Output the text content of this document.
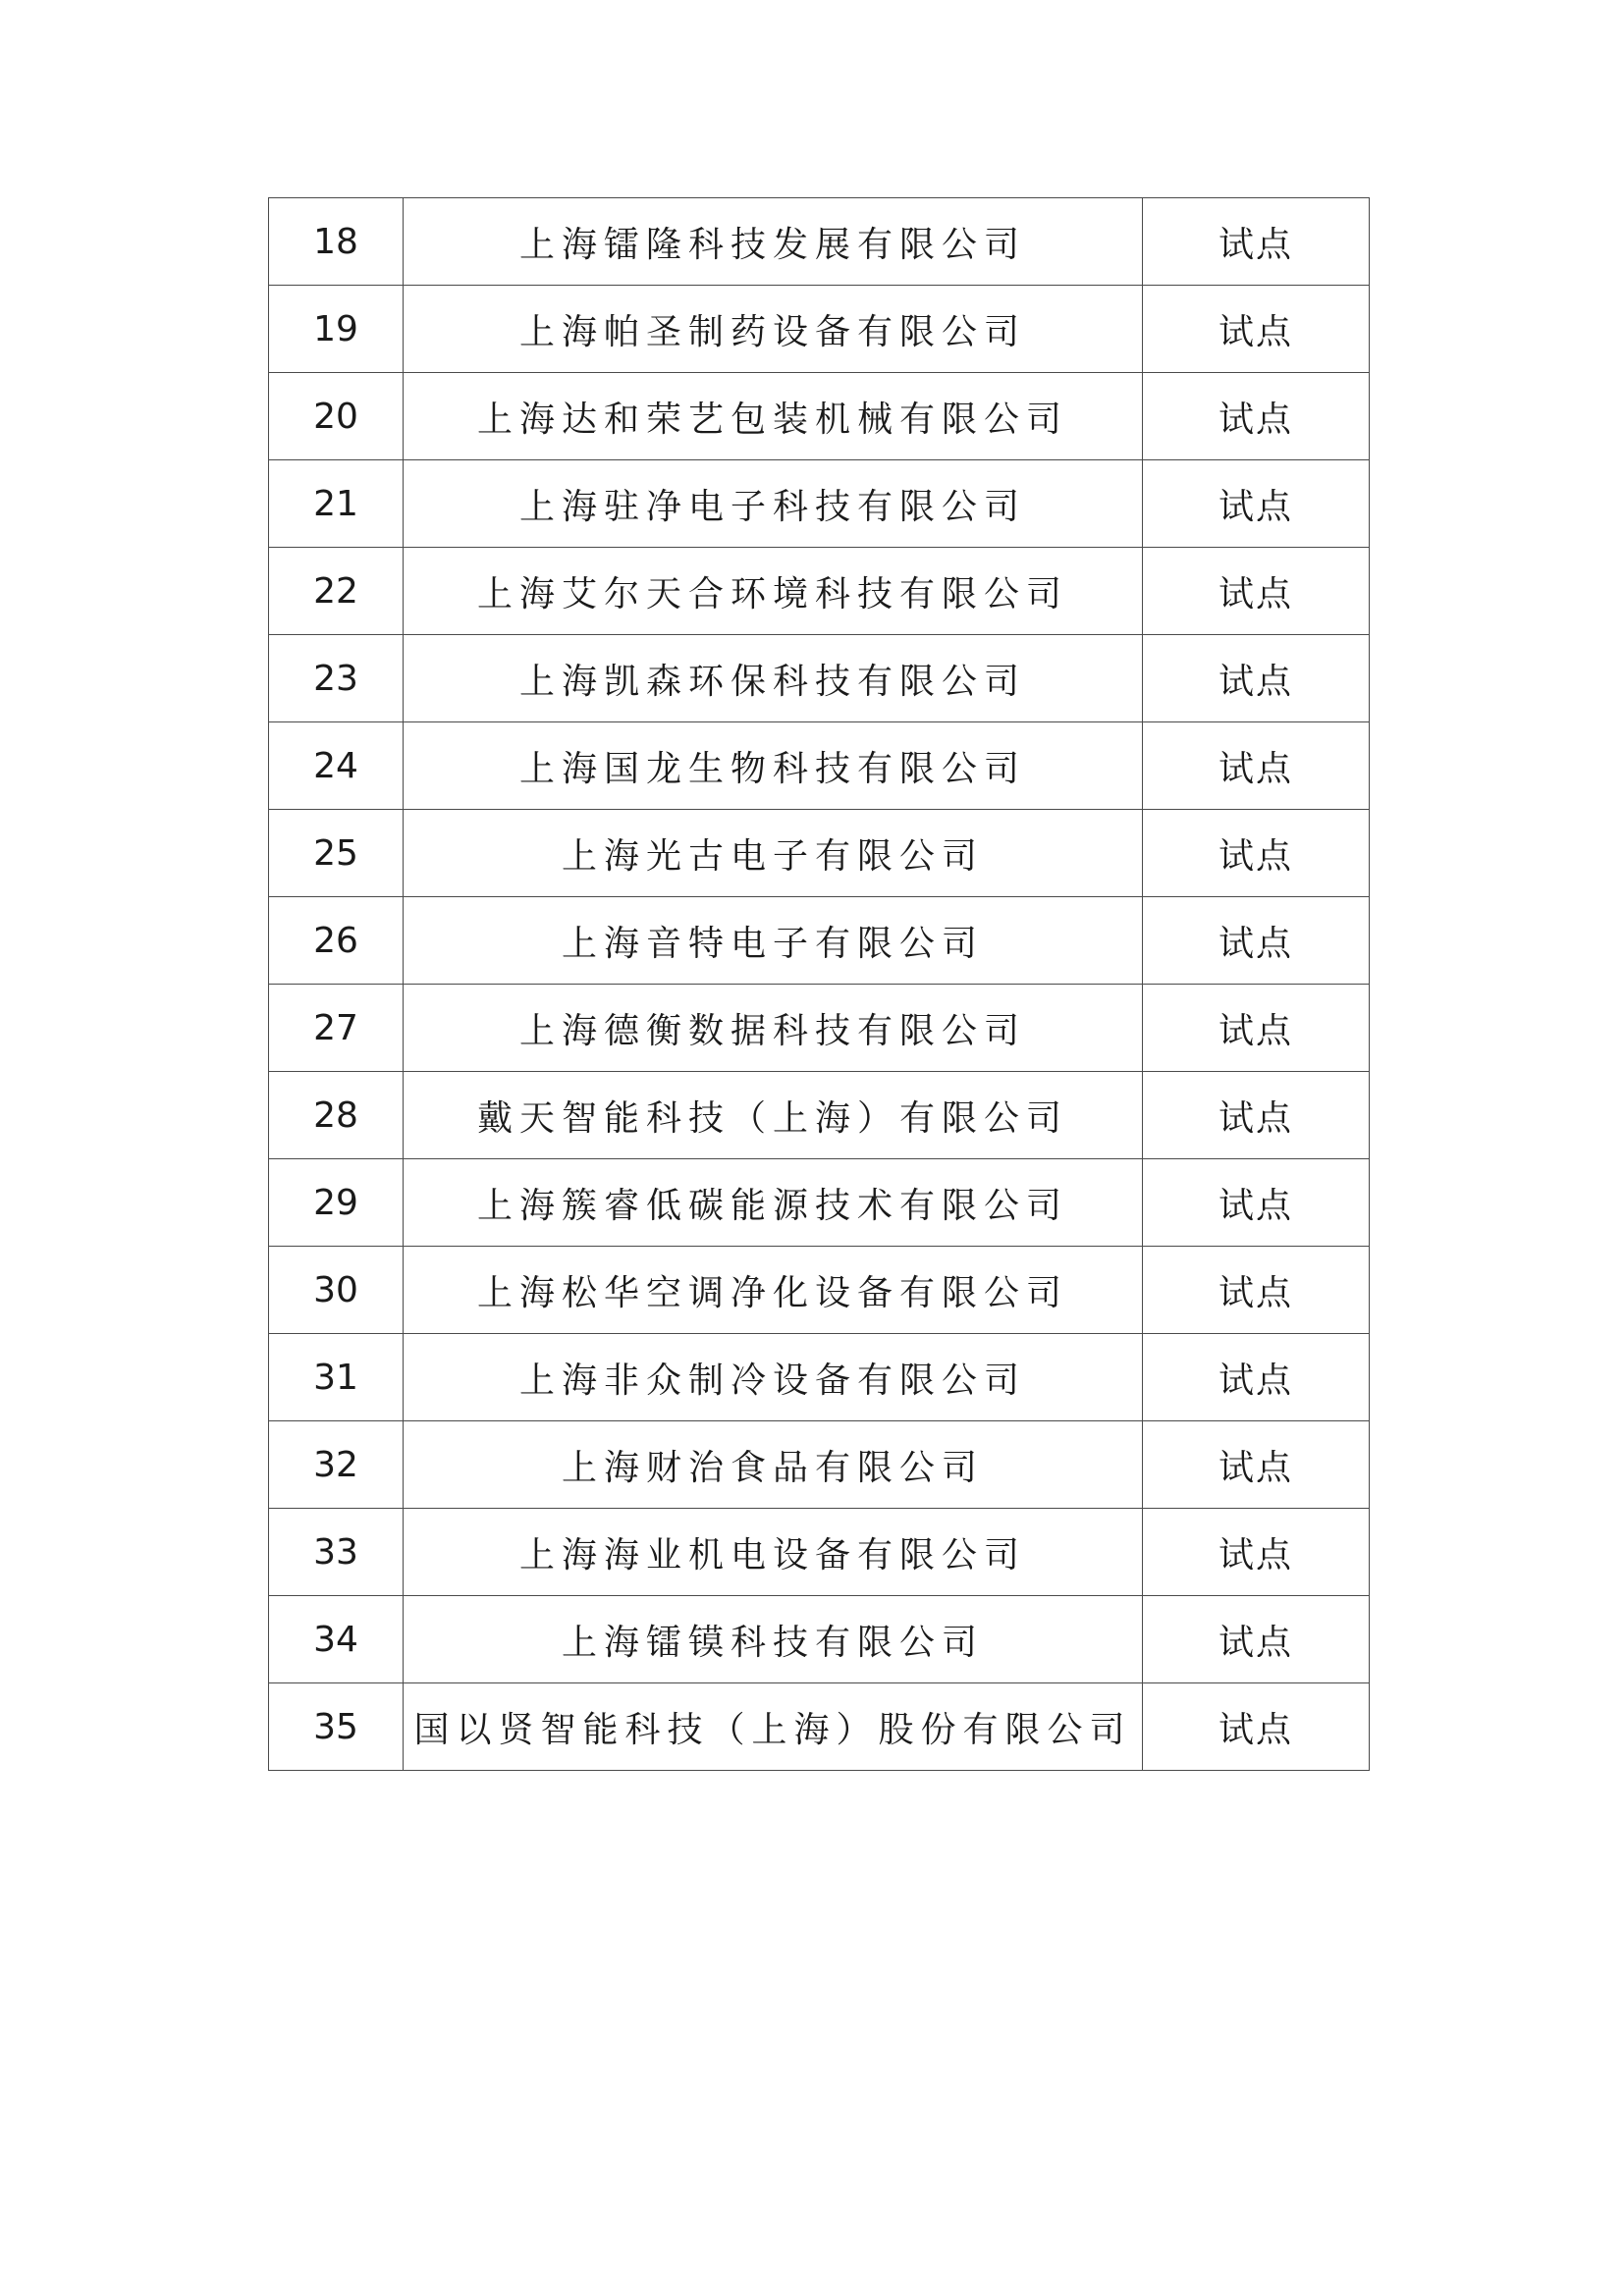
18	上海镭隆科技发展有限公司	试点
19	上海帕圣制药设备有限公司	试点
20	上海达和荣艺包装机械有限公司	试点
21	上海驻净电子科技有限公司	试点
22	上海艾尔天合环境科技有限公司	试点
23	上海凯森环保科技有限公司	试点
24	上海国龙生物科技有限公司	试点
25	上海光古电子有限公司	试点
26	上海音特电子有限公司	试点
27	上海德衡数据科技有限公司	试点
28	戴天智能科技（上海）有限公司	试点
29	上海簇睿低碳能源技术有限公司	试点
30	上海松华空调净化设备有限公司	试点
31	上海非众制冷设备有限公司	试点
32	上海财治食品有限公司	试点
33	上海海业机电设备有限公司	试点
34	上海镭镆科技有限公司	试点
35	国以贤智能科技（上海）股份有限公司	试点
